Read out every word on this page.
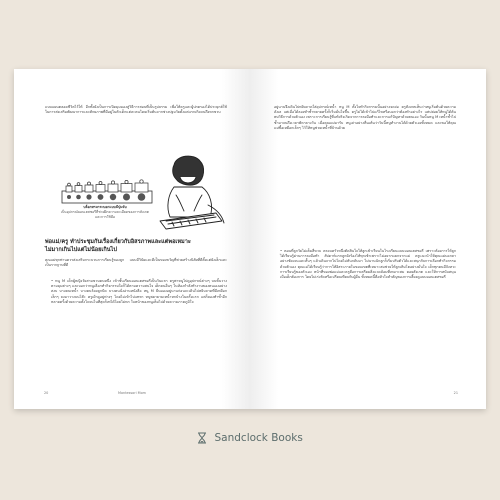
แบบแผนตลอดชีวิตไว้ให้ อีกทั้งยังเป็นการเปิดมุมมองสู่วิธีการสอนที่เป็นรูปธรรม เพื่อให้ครูและผู้ปกครองได้ประยุกต์ใช้ในการส่งเสริมพัฒนาการและศักยภาพที่มีอยู่ในตัวเด็กแต่ละคนโดยเริ่มต้นจากช่วงปฐมวัยตั้งแต่แรกเกิดจนถึงหกขวบ
บล็อกทรงกระบอกแบบมีปุ่มจับ
เป็นอุปกรณ์มอนเตสซอรีที่ช่วยฝึกความละเอียดของการสังเกตและการใช้มือ
พ่อแม่/ครู ทำประชุมกันเรื่องเกี่ยวกับอิสรภาพและแต่พอเหมาะไม่มากเกินไปแต่ไม่น้อยเกินไป
คุณแม่ทุกท่านควรส่งเสริมกระบวนการเรียนรู้ของลูก แบบมีวินัยและดีเป็นของขวัญที่ช่วยสร้างนิสัยที่ดีตั้งแต่ยังเล็กและเป็นรากฐานที่ดี
• หนู M เด็กผู้หญิงวัยสามขวบคนหนึ่ง เข้าชั้นเรียนมอนเตสซอรีเป็นวันแรก ครูพาหนูไปดูอุปกรณ์ต่างๆ บนชั้นวางตามมุมต่างๆ และบอกว่าหนูเลือกทำกิจกรรมใดก็ได้ตามความสนใจ เด็กคนอื่นๆ ในห้องกำลังทำงานของตนเองอย่างสงบ บางคนเทน้ำ บางคนร้อยลูกปัด บางคนนั่งอ่านหนังสือ หนู M ยืนมองอยู่นานก่อนจะเดินไปหยิบถาดที่มีเหยือกเล็กๆ ลงมาวางบนโต๊ะ ครูเฝ้าดูอยู่ห่างๆ โดยไม่เข้าไปแทรก หนูพยายามเทน้ำหกบ้างในครั้งแรก แต่ก็ลองทำซ้ำอีกหลายครั้งด้วยความตั้งใจจนในที่สุดก็เทได้โดยไม่หก ใบหน้าของหนูเต็มไปด้วยความภาคภูมิใจ
20	Montessori Mom
อยู่นานจึงเดินไปหยิบถาดใส่อุปกรณ์เทน้ำ หนู M ตั้งใจทำกิจกรรมนั้นอย่างจดจ่อ ครูสังเกตเห็นว่าหนูเริ่มต้นด้วยความลังเล แต่เมื่อได้ลองทำซ้ำหลายครั้งก็เริ่มมั่นใจขึ้น ครูไม่ได้เข้าไปแก้ไขหรือบอกว่าต้องทำอย่างไร แต่ปล่อยให้หนูได้ค้นพบวิธีการด้วยตัวเอง เพราะการเรียนรู้ที่แท้จริงเกิดจากการลงมือทำและการแก้ปัญหาด้วยตนเอง วันนั้นหนู M เทน้ำซ้ำไปซ้ำมาจนถึงเวลาพักกลางวัน เมื่อคุณแม่มารับ หนูเล่าอย่างตื่นเต้นว่าวันนี้หนูทำงานได้ด้วยตัวเองทั้งหมด และขอให้คุณแม่ซื้อเหยือกเล็กๆ ไว้ให้หนูช่วยเทน้ำที่บ้านด้วย
• ตอนที่ลูกวัยไม่เต็มสี่ขวบ ครอบครัวหนึ่งตัดสินใจให้ลูกเข้าเรียนในโรงเรียนแบบมอนเตสซอรี เพราะต้องการให้ลูกได้เรียนรู้ผ่านการลงมือทำ สัปดาห์แรกลูกยังร้องไห้ทุกเช้าเพราะไม่อยากแยกจากแม่ ครูแนะนำให้คุณแม่บอกลาอย่างชัดเจนและสั้นๆ แล้วเดินจากไปโดยไม่หันกลับมา ไม่นานนักลูกก็เริ่มปรับตัวได้และสนุกกับการเลือกทำกิจกรรมด้วยตัวเอง คุณแม่ได้เรียนรู้ว่าการให้อิสระภายในขอบเขตที่เหมาะสมช่วยให้ลูกเติบโตอย่างมั่นใจ เด็กทุกคนมีจังหวะการเรียนรู้ของตัวเอง หน้าที่ของพ่อแม่และครูคือการเตรียมสิ่งแวดล้อมที่เหมาะสม คอยสังเกต และให้การสนับสนุนเมื่อเด็กต้องการ โดยไม่เร่งรัดหรือเปรียบเทียบกับผู้อื่น ทั้งหมดนี้คือหัวใจสำคัญของการเลี้ยงดูแบบมอนเตสซอรี
21
Sandclock Books
